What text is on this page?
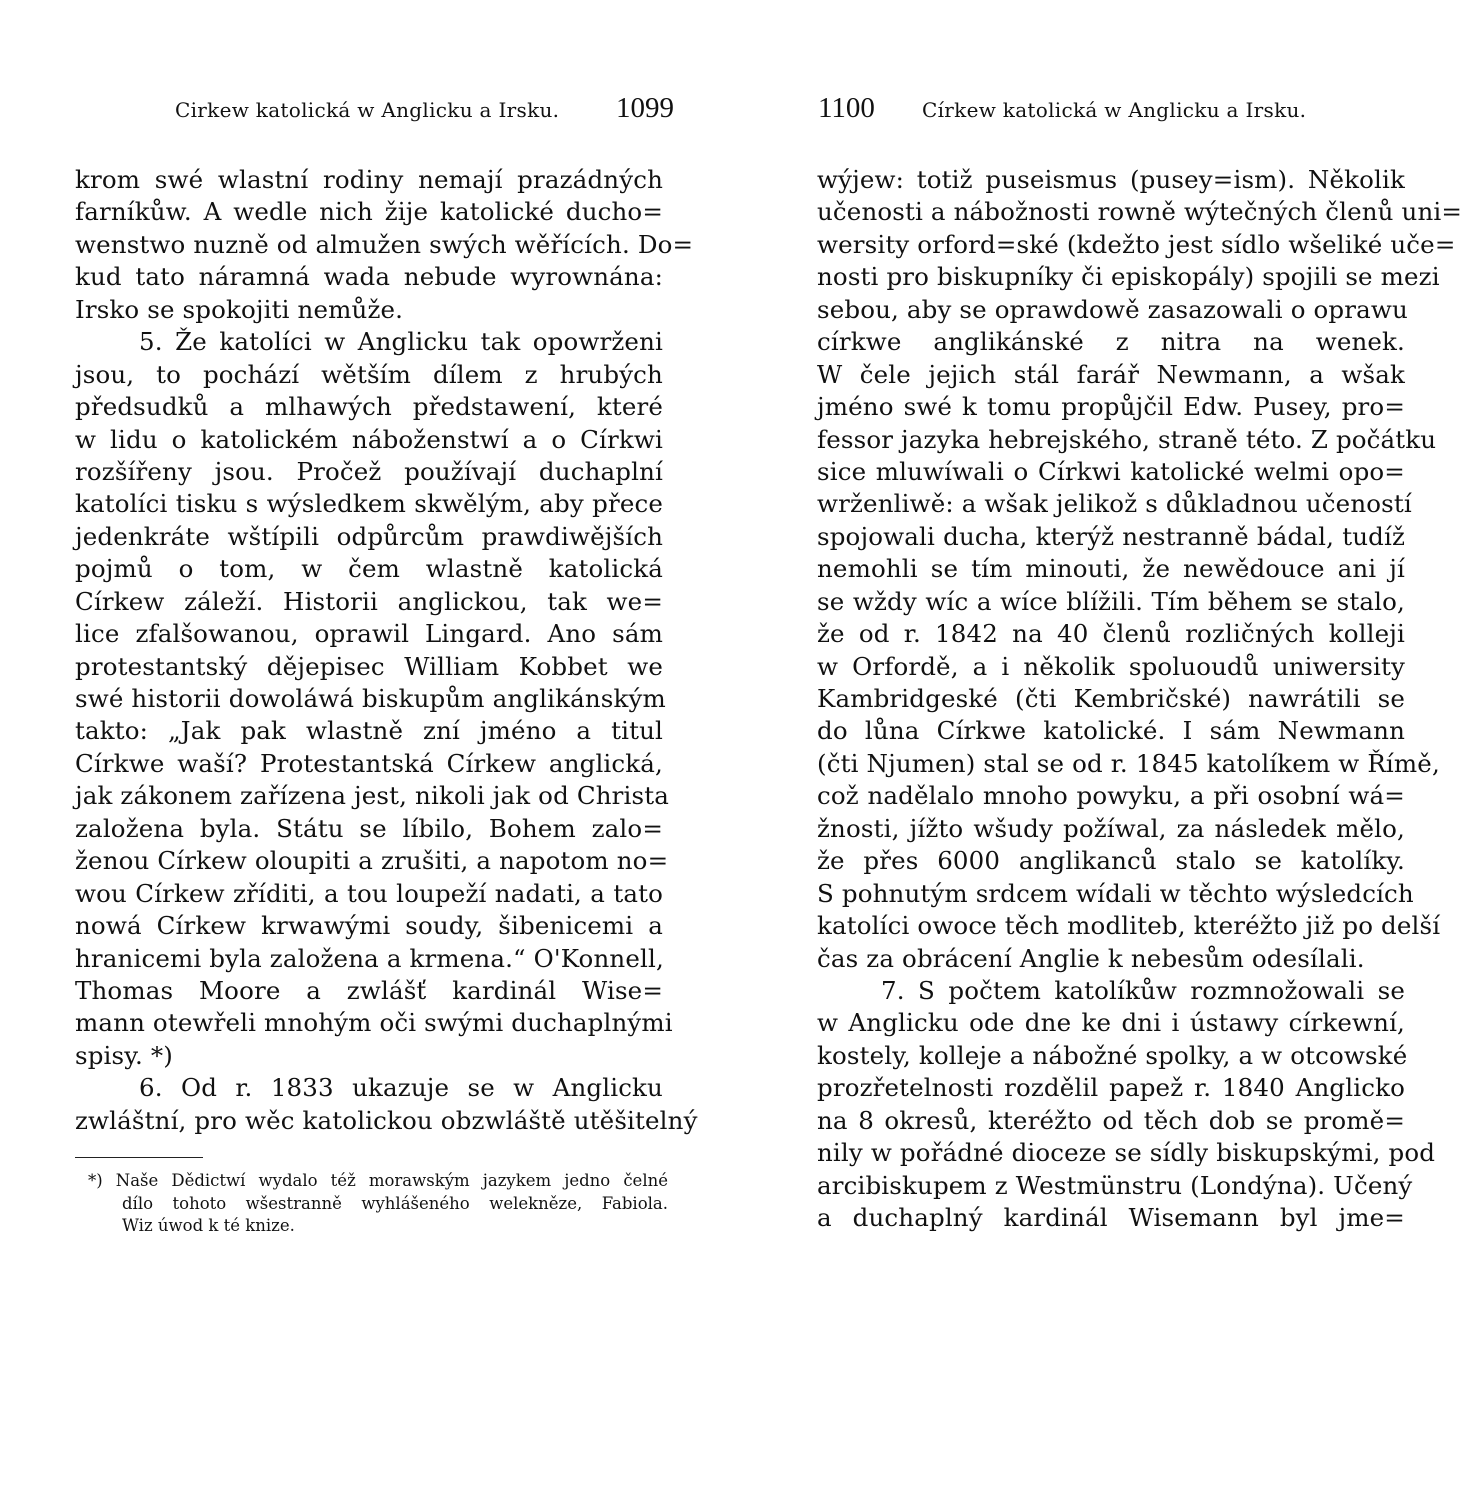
Cirkew katolická w Anglicku a Irsku. 1099
krom swé wlastní rodiny nemají prazádných
farníkůw. A wedle nich žije katolické ducho=
wenstwo nuzně od almužen swých wěřících. Do=
kud tato náramná wada nebude wyrownána:
Irsko se spokojiti nemůže.
5. Že katolíci w Anglicku tak opowrženi
jsou, to pochází wětším dílem z hrubých
předsudků a mlhawých předstawení, které
w lidu o katolickém náboženstwí a o Církwi
rozšířeny jsou. Pročež používají duchaplní
katolíci tisku s wýsledkem skwělým, aby přece
jedenkráte wštípili odpůrcům prawdiwějších
pojmů o tom, w čem wlastně katolická
Církew záleží. Historii anglickou, tak we=
lice zfalšowanou, oprawil Lingard. Ano sám
protestantský dějepisec William Kobbet we
swé historii dowoláwá biskupům anglikánským
takto: „Jak pak wlastně zní jméno a titul
Církwe waší? Protestantská Církew anglická,
jak zákonem zařízena jest, nikoli jak od Christa
založena byla. Státu se líbilo, Bohem zalo=
ženou Církew oloupiti a zrušiti, a napotom no=
wou Církew zříditi, a tou loupeží nadati, a tato
nowá Církew krwawými soudy, šibenicemi a
hranicemi byla založena a krmena.“ O'Konnell,
Thomas Moore a zwlášť kardinál Wise=
mann otewřeli mnohým oči swými duchaplnými
spisy. *)
6. Od r. 1833 ukazuje se w Anglicku
zwláštní, pro wěc katolickou obzwláště utěšitelný
*) Naše Dědictwí wydalo též morawským jazykem jedno čelné
dílo tohoto wšestranně wyhlášeného welekněze, Fabiola.
Wiz úwod k té knize.
1100 Církew katolická w Anglicku a Irsku.
wýjew: totiž puseismus (pusey=ism). Několik
učenosti a nábožnosti rowně wýtečných členů uni=
wersity orford=ské (kdežto jest sídlo wšeliké uče=
nosti pro biskupníky či episkopály) spojili se mezi
sebou, aby se oprawdowě zasazowali o oprawu
církwe anglikánské z nitra na wenek.
W čele jejich stál farář Newmann, a wšak
jméno swé k tomu propůjčil Edw. Pusey, pro=
fessor jazyka hebrejského, straně této. Z počátku
sice mluwíwali o Církwi katolické welmi opo=
wrženliwě: a wšak jelikož s důkladnou učeností
spojowali ducha, kterýž nestranně bádal, tudíž
nemohli se tím minouti, že newědouce ani jí
se wždy wíc a wíce blížili. Tím během se stalo,
že od r. 1842 na 40 členů rozličných kolleji
w Orfordě, a i několik spoluoudů uniwersity
Kambridgeské (čti Kembričské) nawrátili se
do lůna Církwe katolické. I sám Newmann
(čti Njumen) stal se od r. 1845 katolíkem w Římě,
což nadělalo mnoho powyku, a při osobní wá=
žnosti, jížto wšudy požíwal, za následek mělo,
že přes 6000 anglikanců stalo se katolíky.
S pohnutým srdcem wídali w těchto wýsledcích
katolíci owoce těch modliteb, kteréžto již po delší
čas za obrácení Anglie k nebesům odesílali.
7. S počtem katolíkůw rozmnožowali se
w Anglicku ode dne ke dni i ústawy církewní,
kostely, kolleje a nábožné spolky, a w otcowské
prozřetelnosti rozdělil papež r. 1840 Anglicko
na 8 okresů, kteréžto od těch dob se promě=
nily w pořádné dioceze se sídly biskupskými, pod
arcibiskupem z Westmünstru (Londýna). Učený
a duchaplný kardinál Wisemann byl jme=
